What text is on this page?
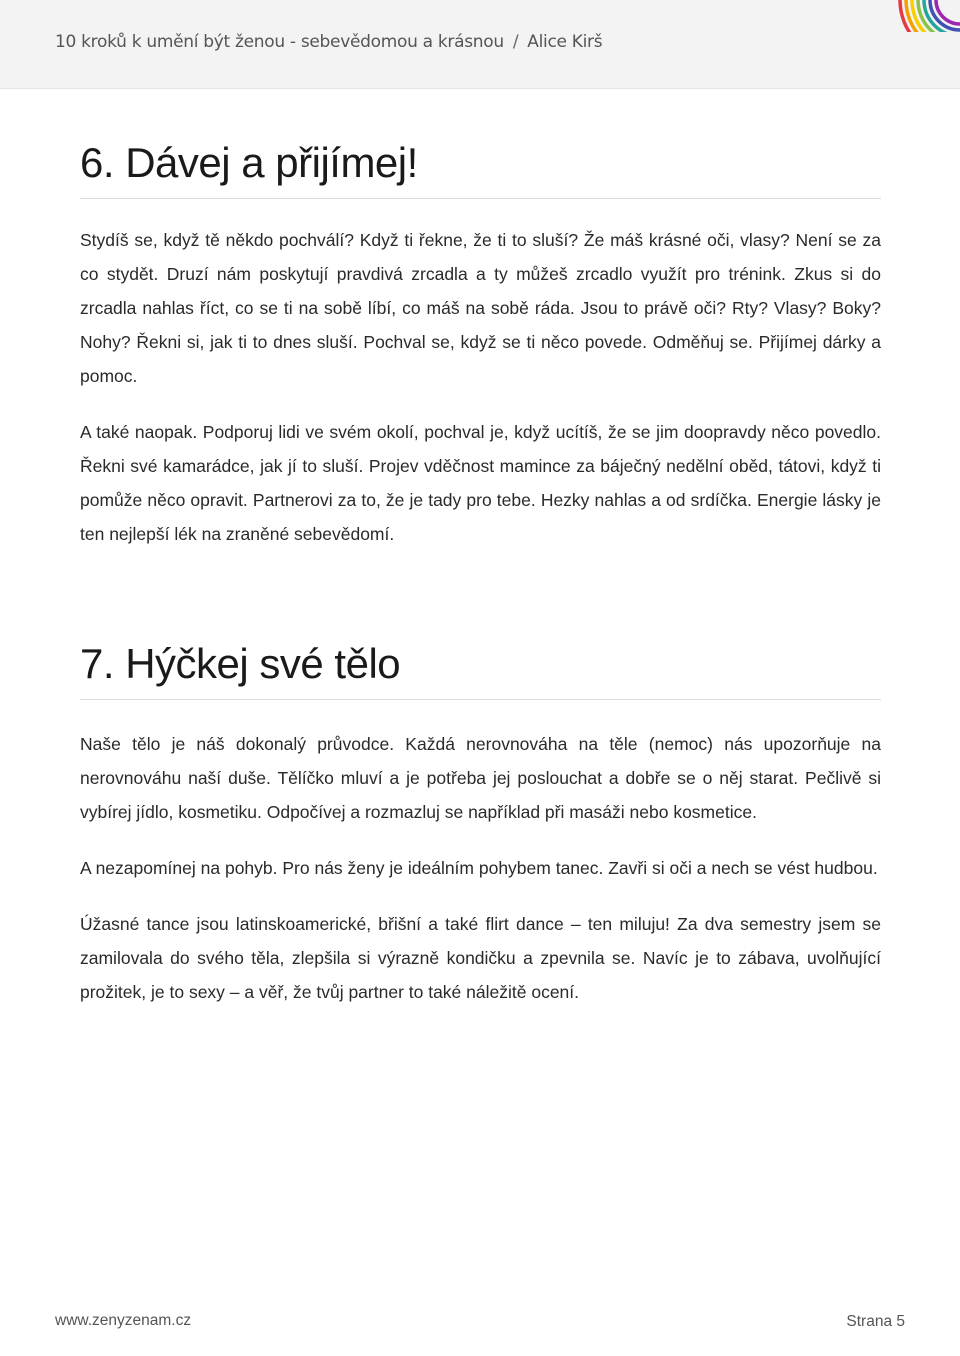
10 kroků k umění být ženou - sebevědomou a krásnou / Alice Kirš
6. Dávej a přijímej!

Stydíš se, když tě někdo pochválí? Když ti řekne, že ti to sluší? Že máš krásné oči, vlasy? Není se za co stydět. Druzí nám poskytují pravdivá zrcadla a ty můžeš zrcadlo využít pro trénink. Zkus si do zrcadla nahlas říct, co se ti na sobě líbí, co máš na sobě ráda. Jsou to právě oči? Rty? Vlasy? Boky? Nohy? Řekni si, jak ti to dnes sluší. Pochval se, když se ti něco povede. Odměňuj se. Přijímej dárky a pomoc.

A také naopak. Podporuj lidi ve svém okolí, pochval je, když ucítíš, že se jim doopravdy něco povedlo. Řekni své kamarádce, jak jí to sluší. Projev vděčnost mamince za báječný nedělní oběd, tátovi, když ti pomůže něco opravit. Partnerovi za to, že je tady pro tebe. Hezky nahlas a od srdíčka. Energie lásky je ten nejlepší lék na zraněné sebevědomí.

7. Hýčkej své tělo

Naše tělo je náš dokonalý průvodce. Každá nerovnováha na těle (nemoc) nás upozorňuje na nerovnováhu naší duše. Tělíčko mluví a je potřeba jej poslouchat a dobře se o něj starat. Pečlivě si vybírej jídlo, kosmetiku. Odpočívej a rozmazluj se například při masáži nebo kosmetice.

A nezapomínej na pohyb. Pro nás ženy je ideálním pohybem tanec. Zavři si oči a nech se vést hudbou.

Úžasné tance jsou latinskoamerické, břišní a také flirt dance – ten miluju! Za dva semestry jsem se zamilovala do svého těla, zlepšila si výrazně kondičku a zpevnila se. Navíc je to zábava, uvolňující prožitek, je to sexy – a věř, že tvůj partner to také náležitě ocení.

www.zenyzenam.cz	Strana 5
